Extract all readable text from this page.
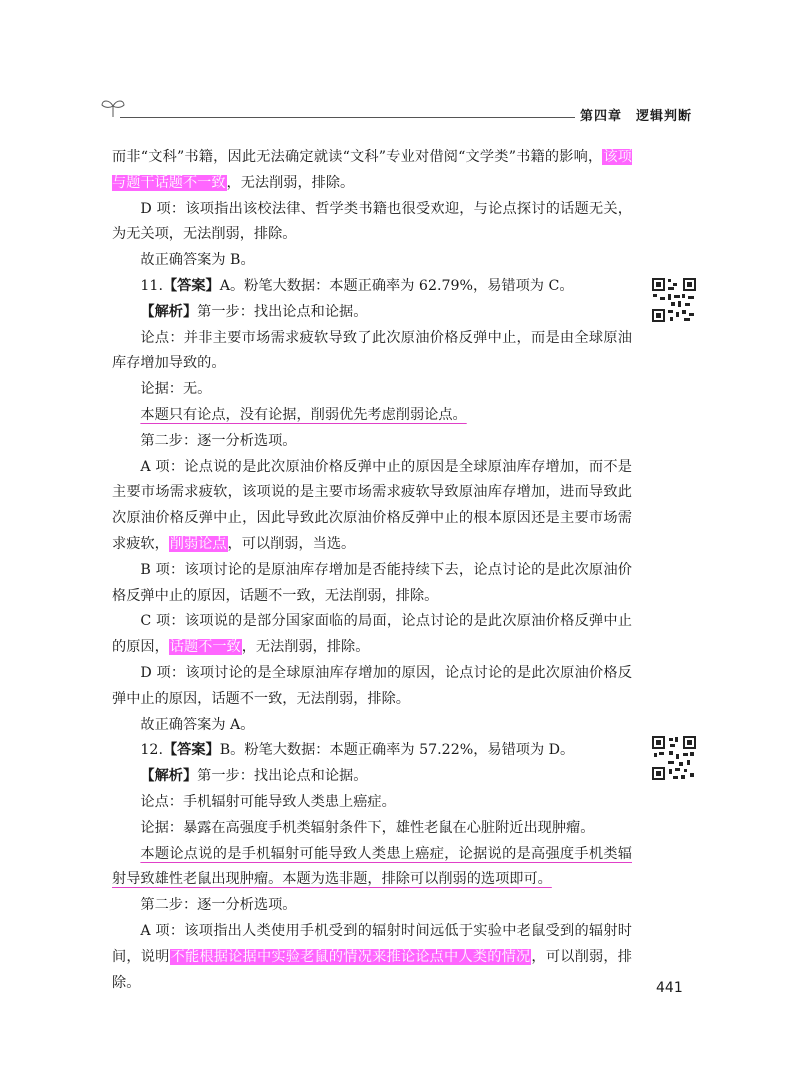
第四章 逻辑判断

而非“文科”书籍，因此无法确定就读“文科”专业对借阅“文学类”书籍的影响，该项与题干话题不一致，无法削弱，排除。

D 项：该项指出该校法律、哲学类书籍也很受欢迎，与论点探讨的话题无关，为无关项，无法削弱，排除。

故正确答案为 B。

11.【答案】A。粉笔大数据：本题正确率为 62.79%，易错项为 C。

【解析】第一步：找出论点和论据。

论点：并非主要市场需求疲软导致了此次原油价格反弹中止，而是由全球原油库存增加导致的。

论据：无。

本题只有论点，没有论据，削弱优先考虑削弱论点。

第二步：逐一分析选项。

A 项：论点说的是此次原油价格反弹中止的原因是全球原油库存增加，而不是主要市场需求疲软，该项说的是主要市场需求疲软导致原油库存增加，进而导致此次原油价格反弹中止，因此导致此次原油价格反弹中止的根本原因还是主要市场需求疲软，削弱论点，可以削弱，当选。

B 项：该项讨论的是原油库存增加是否能持续下去，论点讨论的是此次原油价格反弹中止的原因，话题不一致，无法削弱，排除。

C 项：该项说的是部分国家面临的局面，论点讨论的是此次原油价格反弹中止的原因，话题不一致，无法削弱，排除。

D 项：该项讨论的是全球原油库存增加的原因，论点讨论的是此次原油价格反弹中止的原因，话题不一致，无法削弱，排除。

故正确答案为 A。

12.【答案】B。粉笔大数据：本题正确率为 57.22%，易错项为 D。

【解析】第一步：找出论点和论据。

论点：手机辐射可能导致人类患上癌症。

论据：暴露在高强度手机类辐射条件下，雄性老鼠在心脏附近出现肿瘤。

本题论点说的是手机辐射可能导致人类患上癌症，论据说的是高强度手机类辐射导致雄性老鼠出现肿瘤。本题为选非题，排除可以削弱的选项即可。

第二步：逐一分析选项。

A 项：该项指出人类使用手机受到的辐射时间远低于实验中老鼠受到的辐射时间，说明不能根据论据中实验老鼠的情况来推论论点中人类的情况，可以削弱，排除。	441
